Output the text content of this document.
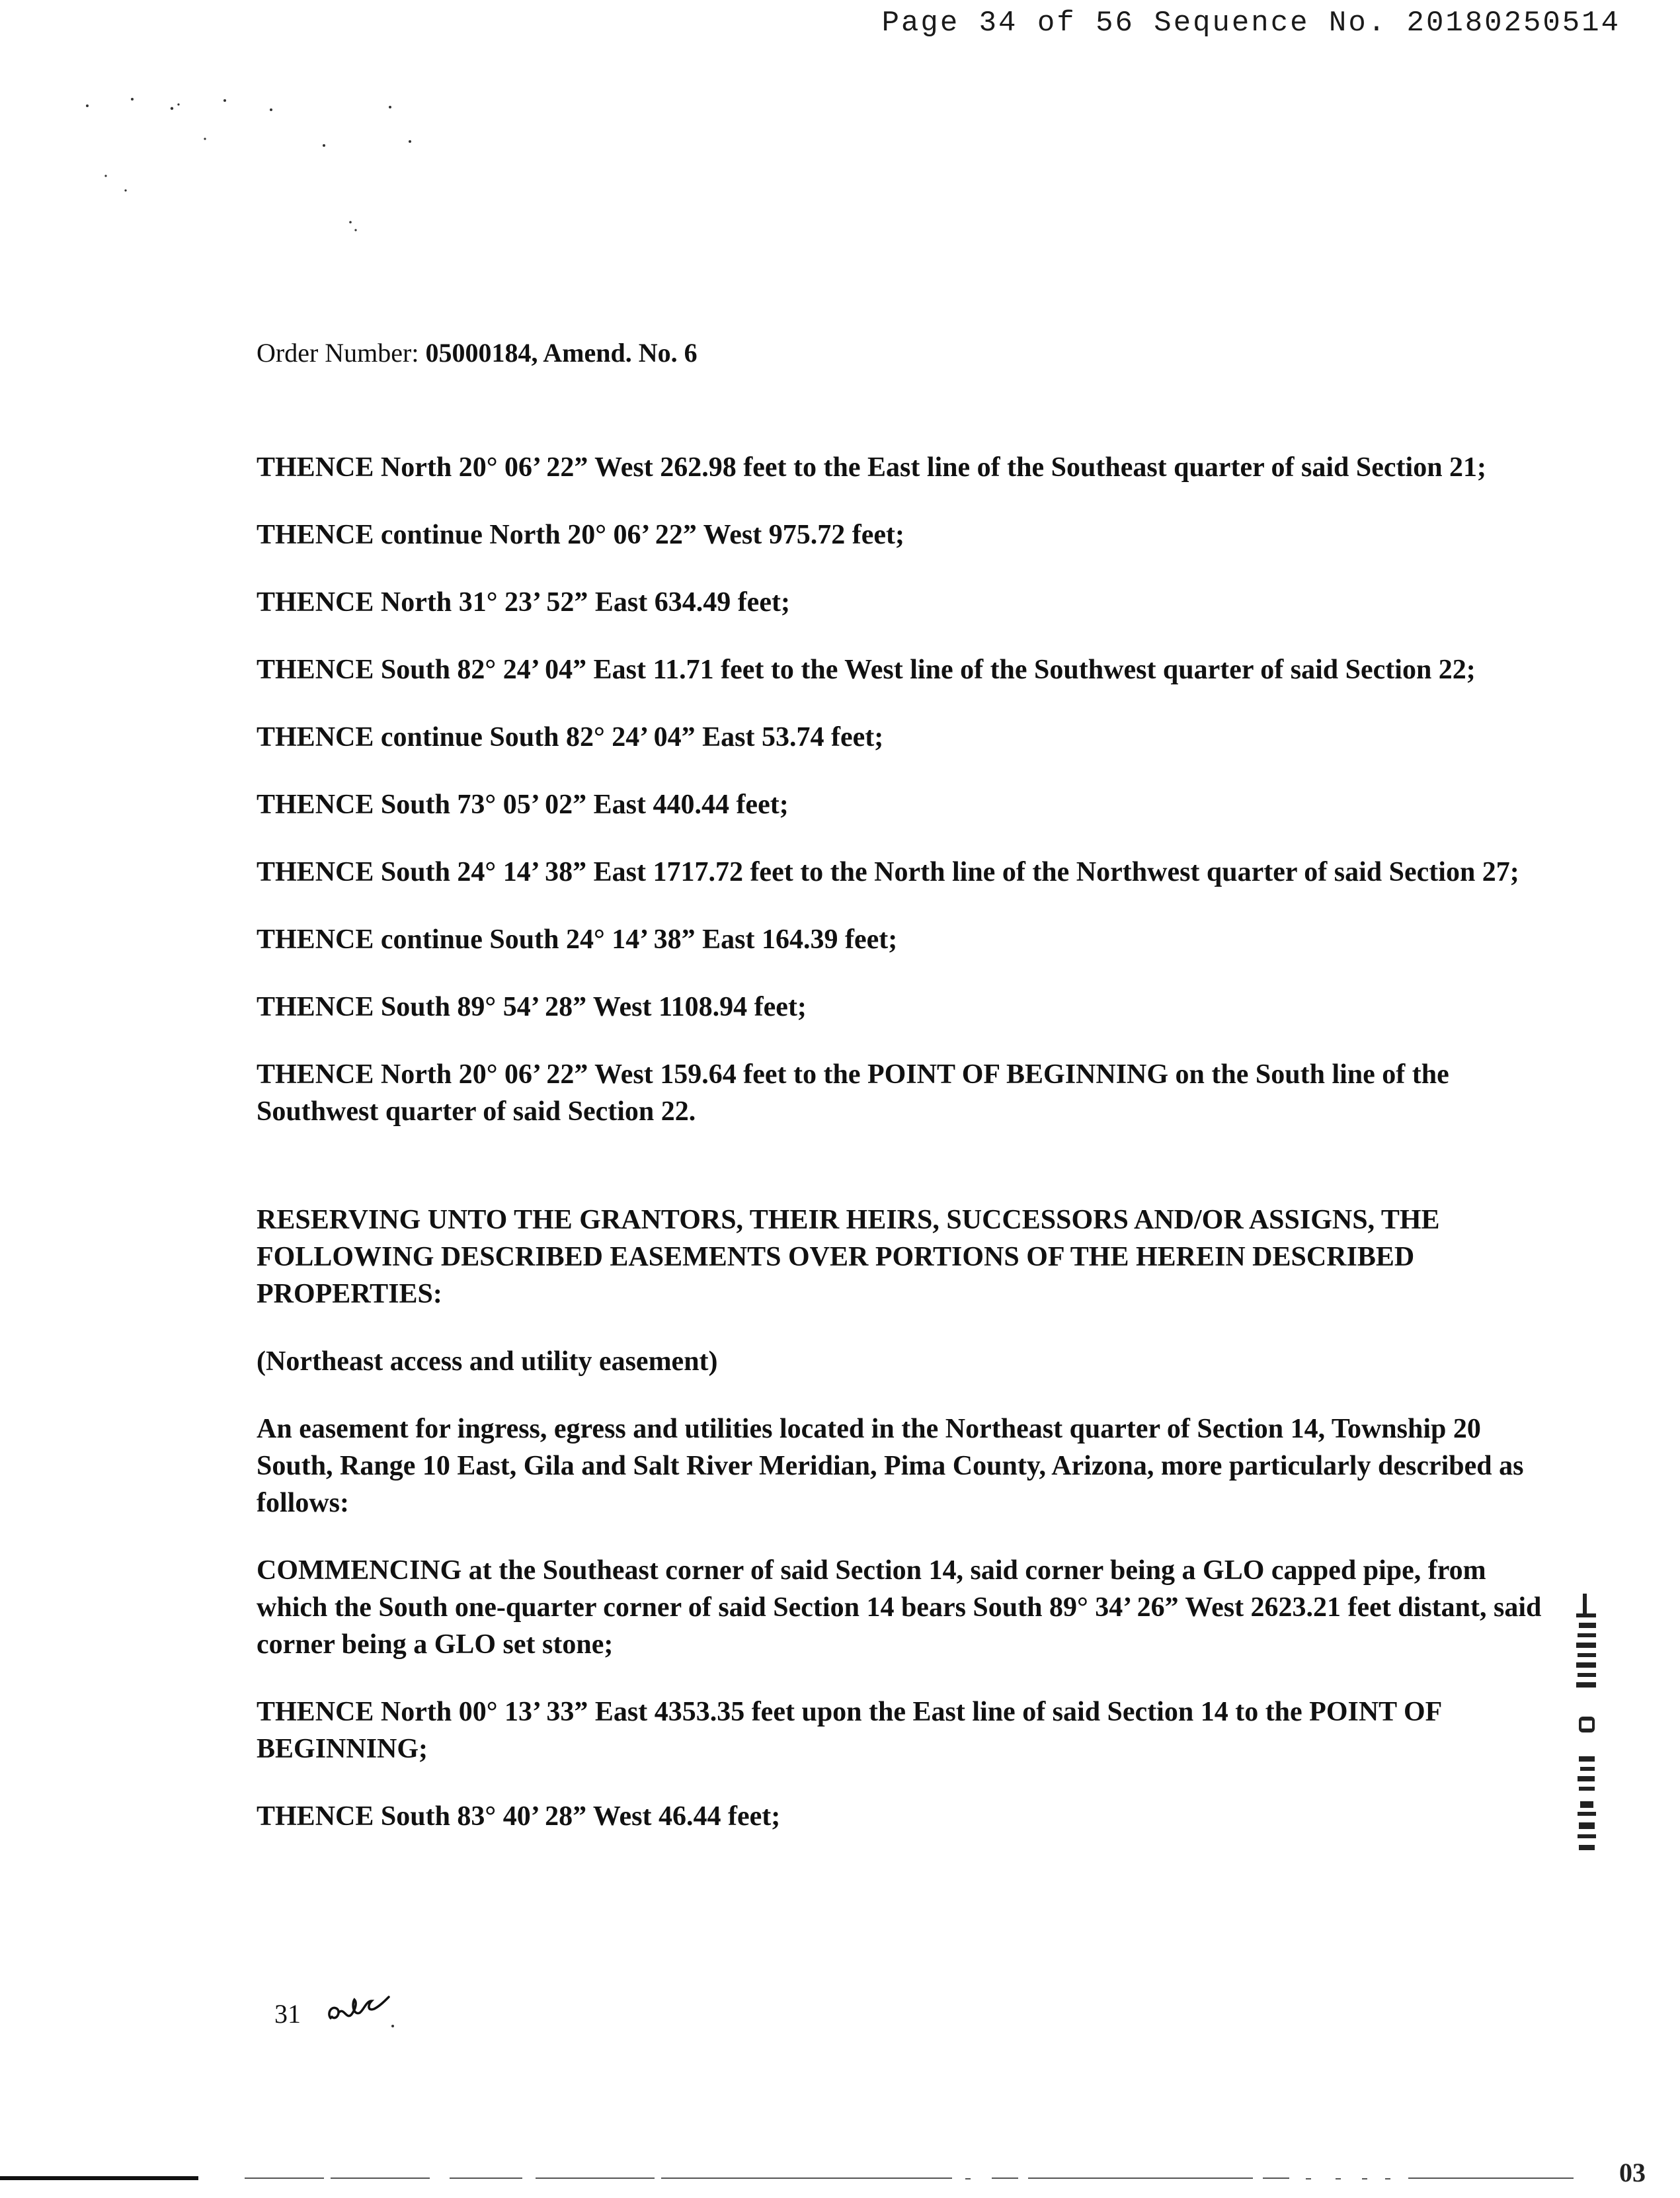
Page 34 of 56 Sequence No. 20180250514

Order Number: 05000184, Amend. No. 6

THENCE North 20° 06’ 22” West 262.98 feet to the East line of the Southeast quarter of said Section 21;

THENCE continue North 20° 06’ 22” West 975.72 feet;

THENCE North 31° 23’ 52” East 634.49 feet;

THENCE South 82° 24’ 04” East 11.71 feet to the West line of the Southwest quarter of said Section 22;

THENCE continue South 82° 24’ 04” East 53.74 feet;

THENCE South 73° 05’ 02” East 440.44 feet;

THENCE South 24° 14’ 38” East 1717.72 feet to the North line of the Northwest quarter of said Section 27;

THENCE continue South 24° 14’ 38” East 164.39 feet;

THENCE South 89° 54’ 28” West 1108.94 feet;

THENCE North 20° 06’ 22” West 159.64 feet to the POINT OF BEGINNING on the South line of the Southwest quarter of said Section 22.

RESERVING UNTO THE GRANTORS, THEIR HEIRS, SUCCESSORS AND/OR ASSIGNS, THE FOLLOWING DESCRIBED EASEMENTS OVER PORTIONS OF THE HEREIN DESCRIBED PROPERTIES:

(Northeast access and utility easement)

An easement for ingress, egress and utilities located in the Northeast quarter of Section 14, Township 20 South, Range 10 East, Gila and Salt River Meridian, Pima County, Arizona, more particularly described as follows:

COMMENCING at the Southeast corner of said Section 14, said corner being a GLO capped pipe, from which the South one-quarter corner of said Section 14 bears South 89° 34’ 26” West 2623.21 feet distant, said corner being a GLO set stone;

THENCE North 00° 13’ 33” East 4353.35 feet upon the East line of said Section 14 to the POINT OF BEGINNING;

THENCE South 83° 40’ 28” West 46.44 feet;

31
03
